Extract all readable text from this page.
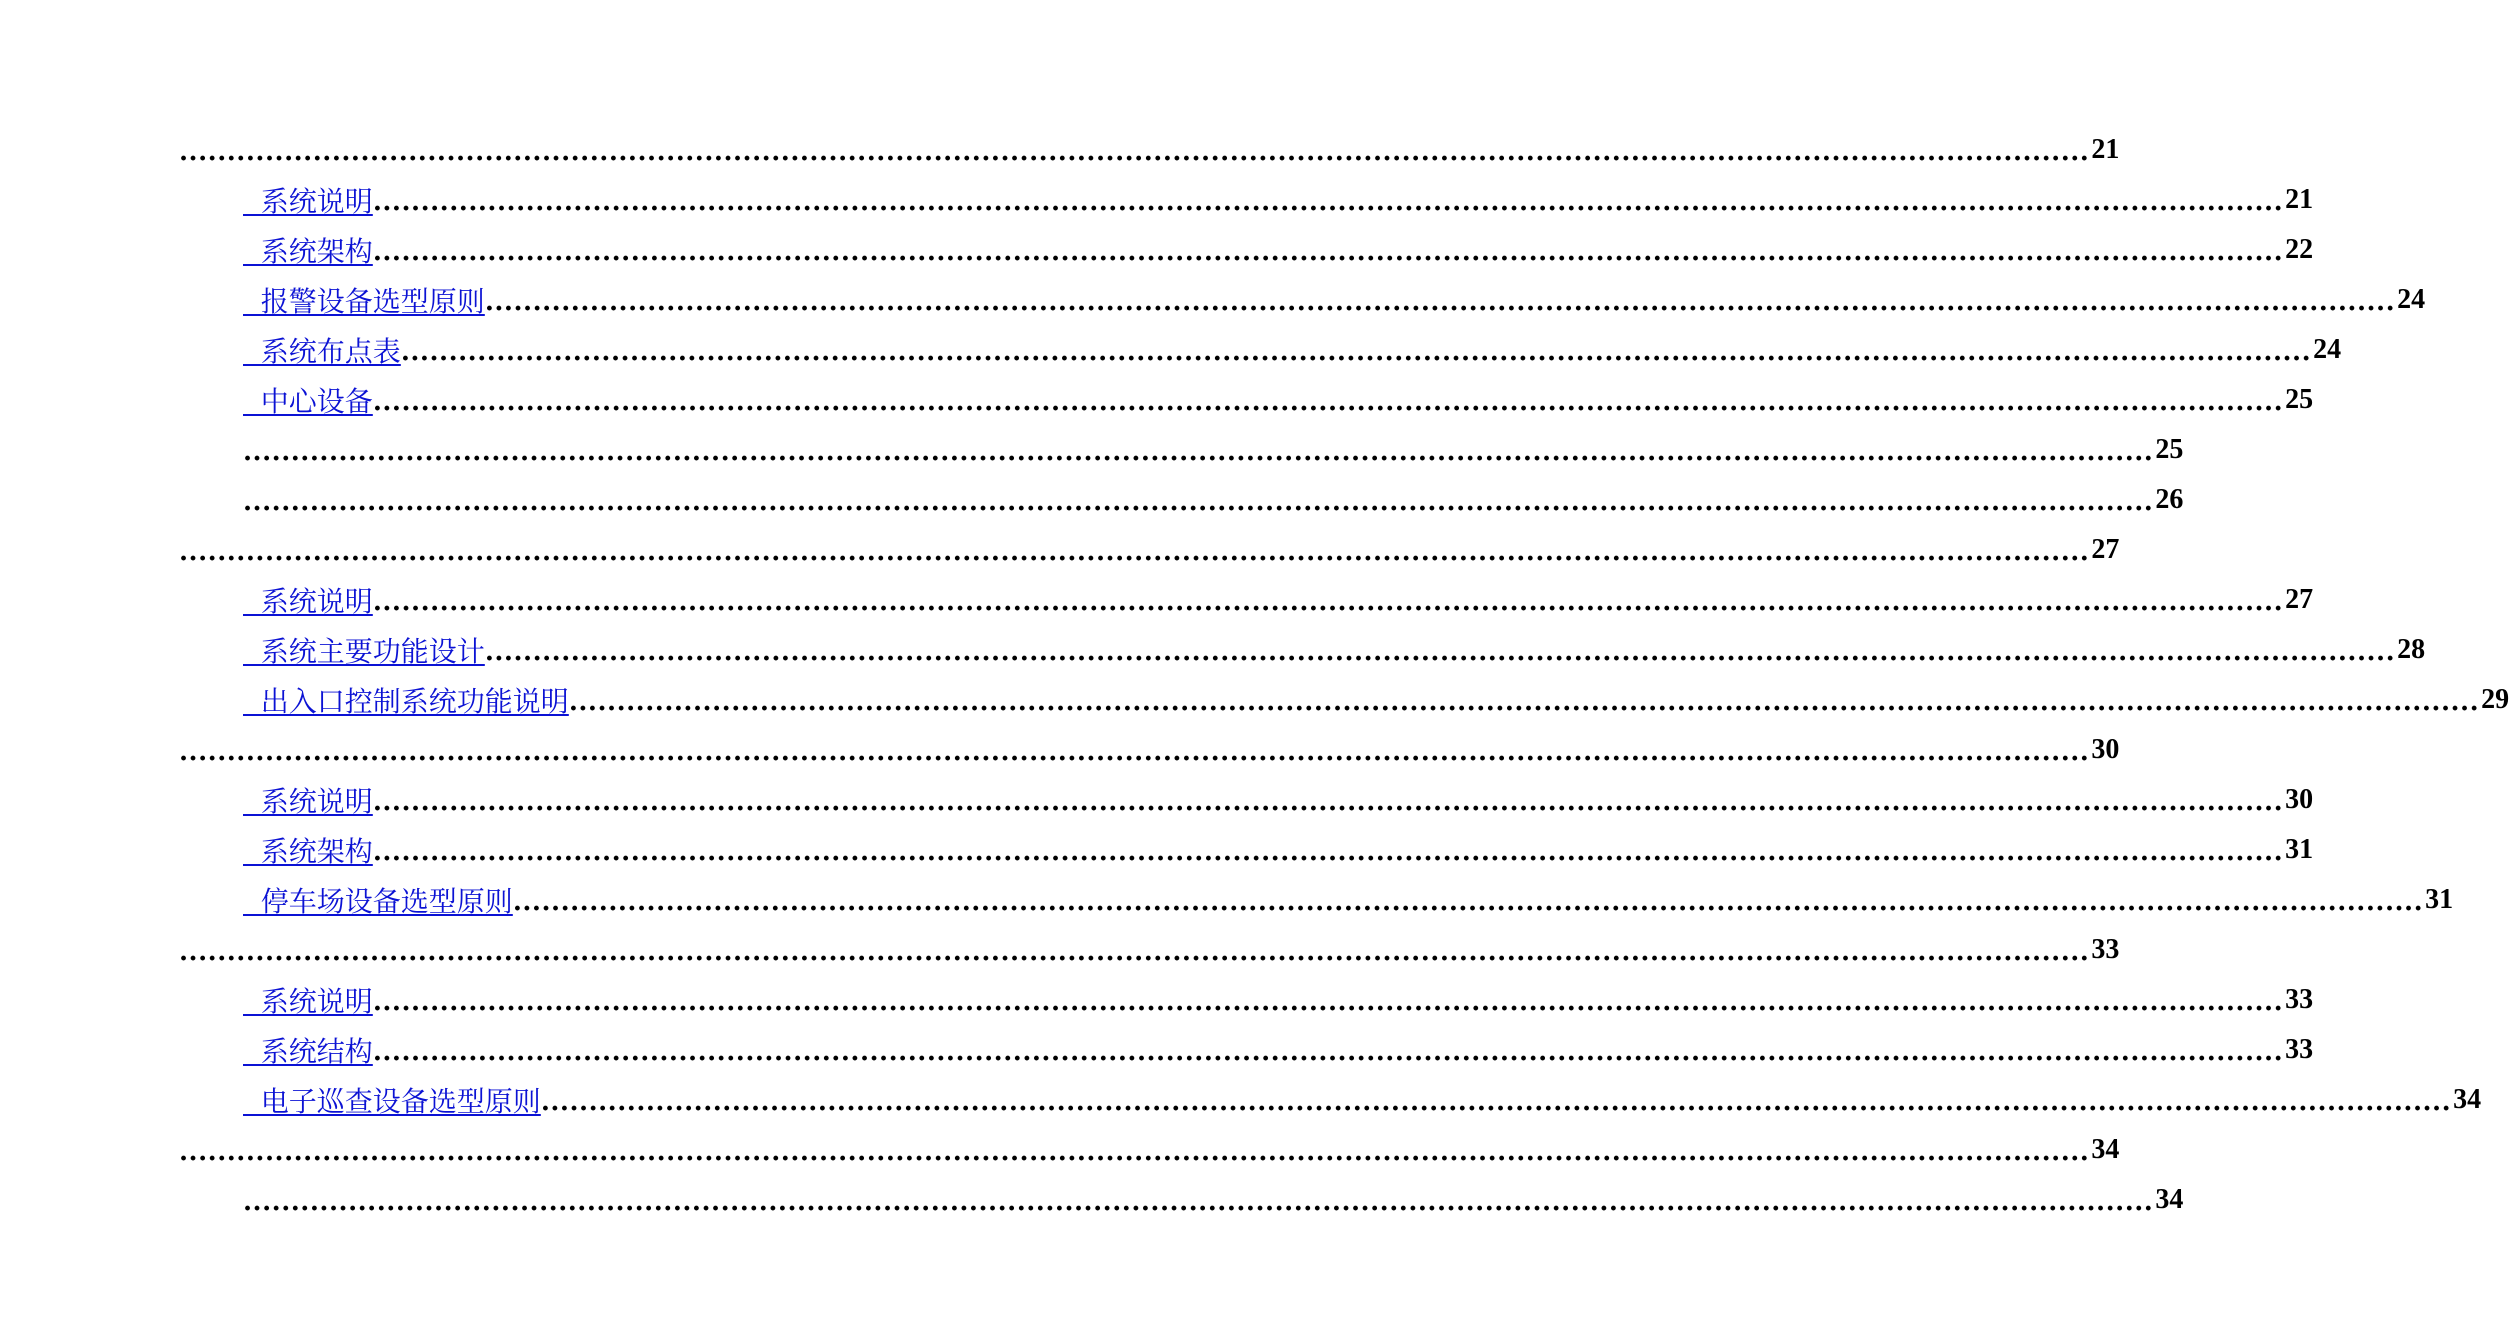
........................................................................................................................................................................................................ 21
系统说明 ........................................................................................................................................................................................................ 21
系统架构 ........................................................................................................................................................................................................ 22
报警设备选型原则 ........................................................................................................................................................................................................ 24
系统布点表 ........................................................................................................................................................................................................ 24
中心设备 ........................................................................................................................................................................................................ 25
........................................................................................................................................................................................................ 25
........................................................................................................................................................................................................ 26
........................................................................................................................................................................................................ 27
系统说明 ........................................................................................................................................................................................................ 27
系统主要功能设计 ........................................................................................................................................................................................................ 28
出入口控制系统功能说明 ........................................................................................................................................................................................................ 29
........................................................................................................................................................................................................ 30
系统说明 ........................................................................................................................................................................................................ 30
系统架构 ........................................................................................................................................................................................................ 31
停车场设备选型原则 ........................................................................................................................................................................................................ 31
........................................................................................................................................................................................................ 33
系统说明 ........................................................................................................................................................................................................ 33
系统结构 ........................................................................................................................................................................................................ 33
电子巡查设备选型原则 ........................................................................................................................................................................................................ 34
........................................................................................................................................................................................................ 34
........................................................................................................................................................................................................ 34
